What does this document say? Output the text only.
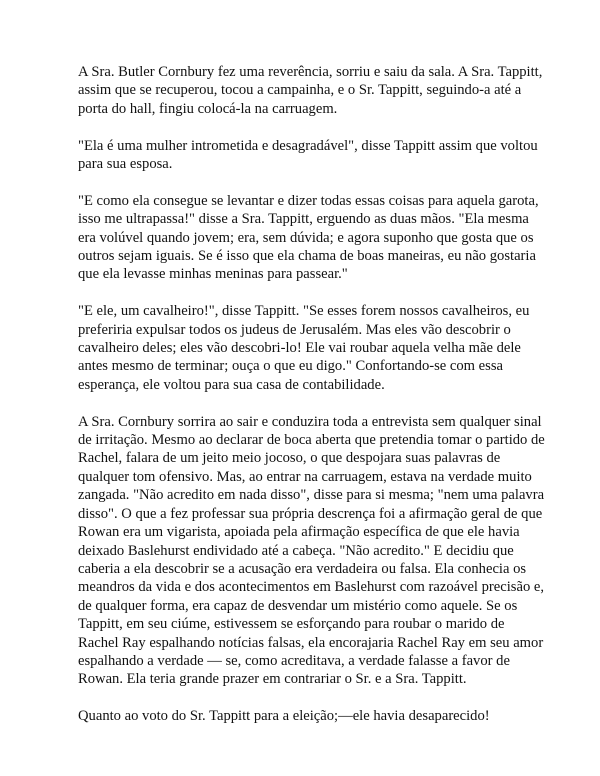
A Sra. Butler Cornbury fez uma reverência, sorriu e saiu da sala. A Sra. Tappitt, assim que se recuperou, tocou a campainha, e o Sr. Tappitt, seguindo-a até a porta do hall, fingiu colocá-la na carruagem.

"Ela é uma mulher intrometida e desagradável", disse Tappitt assim que voltou para sua esposa.

"E como ela consegue se levantar e dizer todas essas coisas para aquela garota, isso me ultrapassa!" disse a Sra. Tappitt, erguendo as duas mãos. "Ela mesma era volúvel quando jovem; era, sem dúvida; e agora suponho que gosta que os outros sejam iguais. Se é isso que ela chama de boas maneiras, eu não gostaria que ela levasse minhas meninas para passear."

"E ele, um cavalheiro!", disse Tappitt. "Se esses forem nossos cavalheiros, eu preferiria expulsar todos os judeus de Jerusalém. Mas eles vão descobrir o cavalheiro deles; eles vão descobri-lo! Ele vai roubar aquela velha mãe dele antes mesmo de terminar; ouça o que eu digo." Confortando-se com essa esperança, ele voltou para sua casa de contabilidade.

A Sra. Cornbury sorrira ao sair e conduzira toda a entrevista sem qualquer sinal de irritação. Mesmo ao declarar de boca aberta que pretendia tomar o partido de Rachel, falara de um jeito meio jocoso, o que despojara suas palavras de qualquer tom ofensivo. Mas, ao entrar na carruagem, estava na verdade muito zangada. "Não acredito em nada disso", disse para si mesma; "nem uma palavra disso". O que a fez professar sua própria descrença foi a afirmação geral de que Rowan era um vigarista, apoiada pela afirmação específica de que ele havia deixado Baslehurst endividado até a cabeça. "Não acredito." E decidiu que caberia a ela descobrir se a acusação era verdadeira ou falsa. Ela conhecia os meandros da vida e dos acontecimentos em Baslehurst com razoável precisão e, de qualquer forma, era capaz de desvendar um mistério como aquele. Se os Tappitt, em seu ciúme, estivessem se esforçando para roubar o marido de Rachel Ray espalhando notícias falsas, ela encorajaria Rachel Ray em seu amor espalhando a verdade — se, como acreditava, a verdade falasse a favor de Rowan. Ela teria grande prazer em contrariar o Sr. e a Sra. Tappitt.

Quanto ao voto do Sr. Tappitt para a eleição;—ele havia desaparecido!
